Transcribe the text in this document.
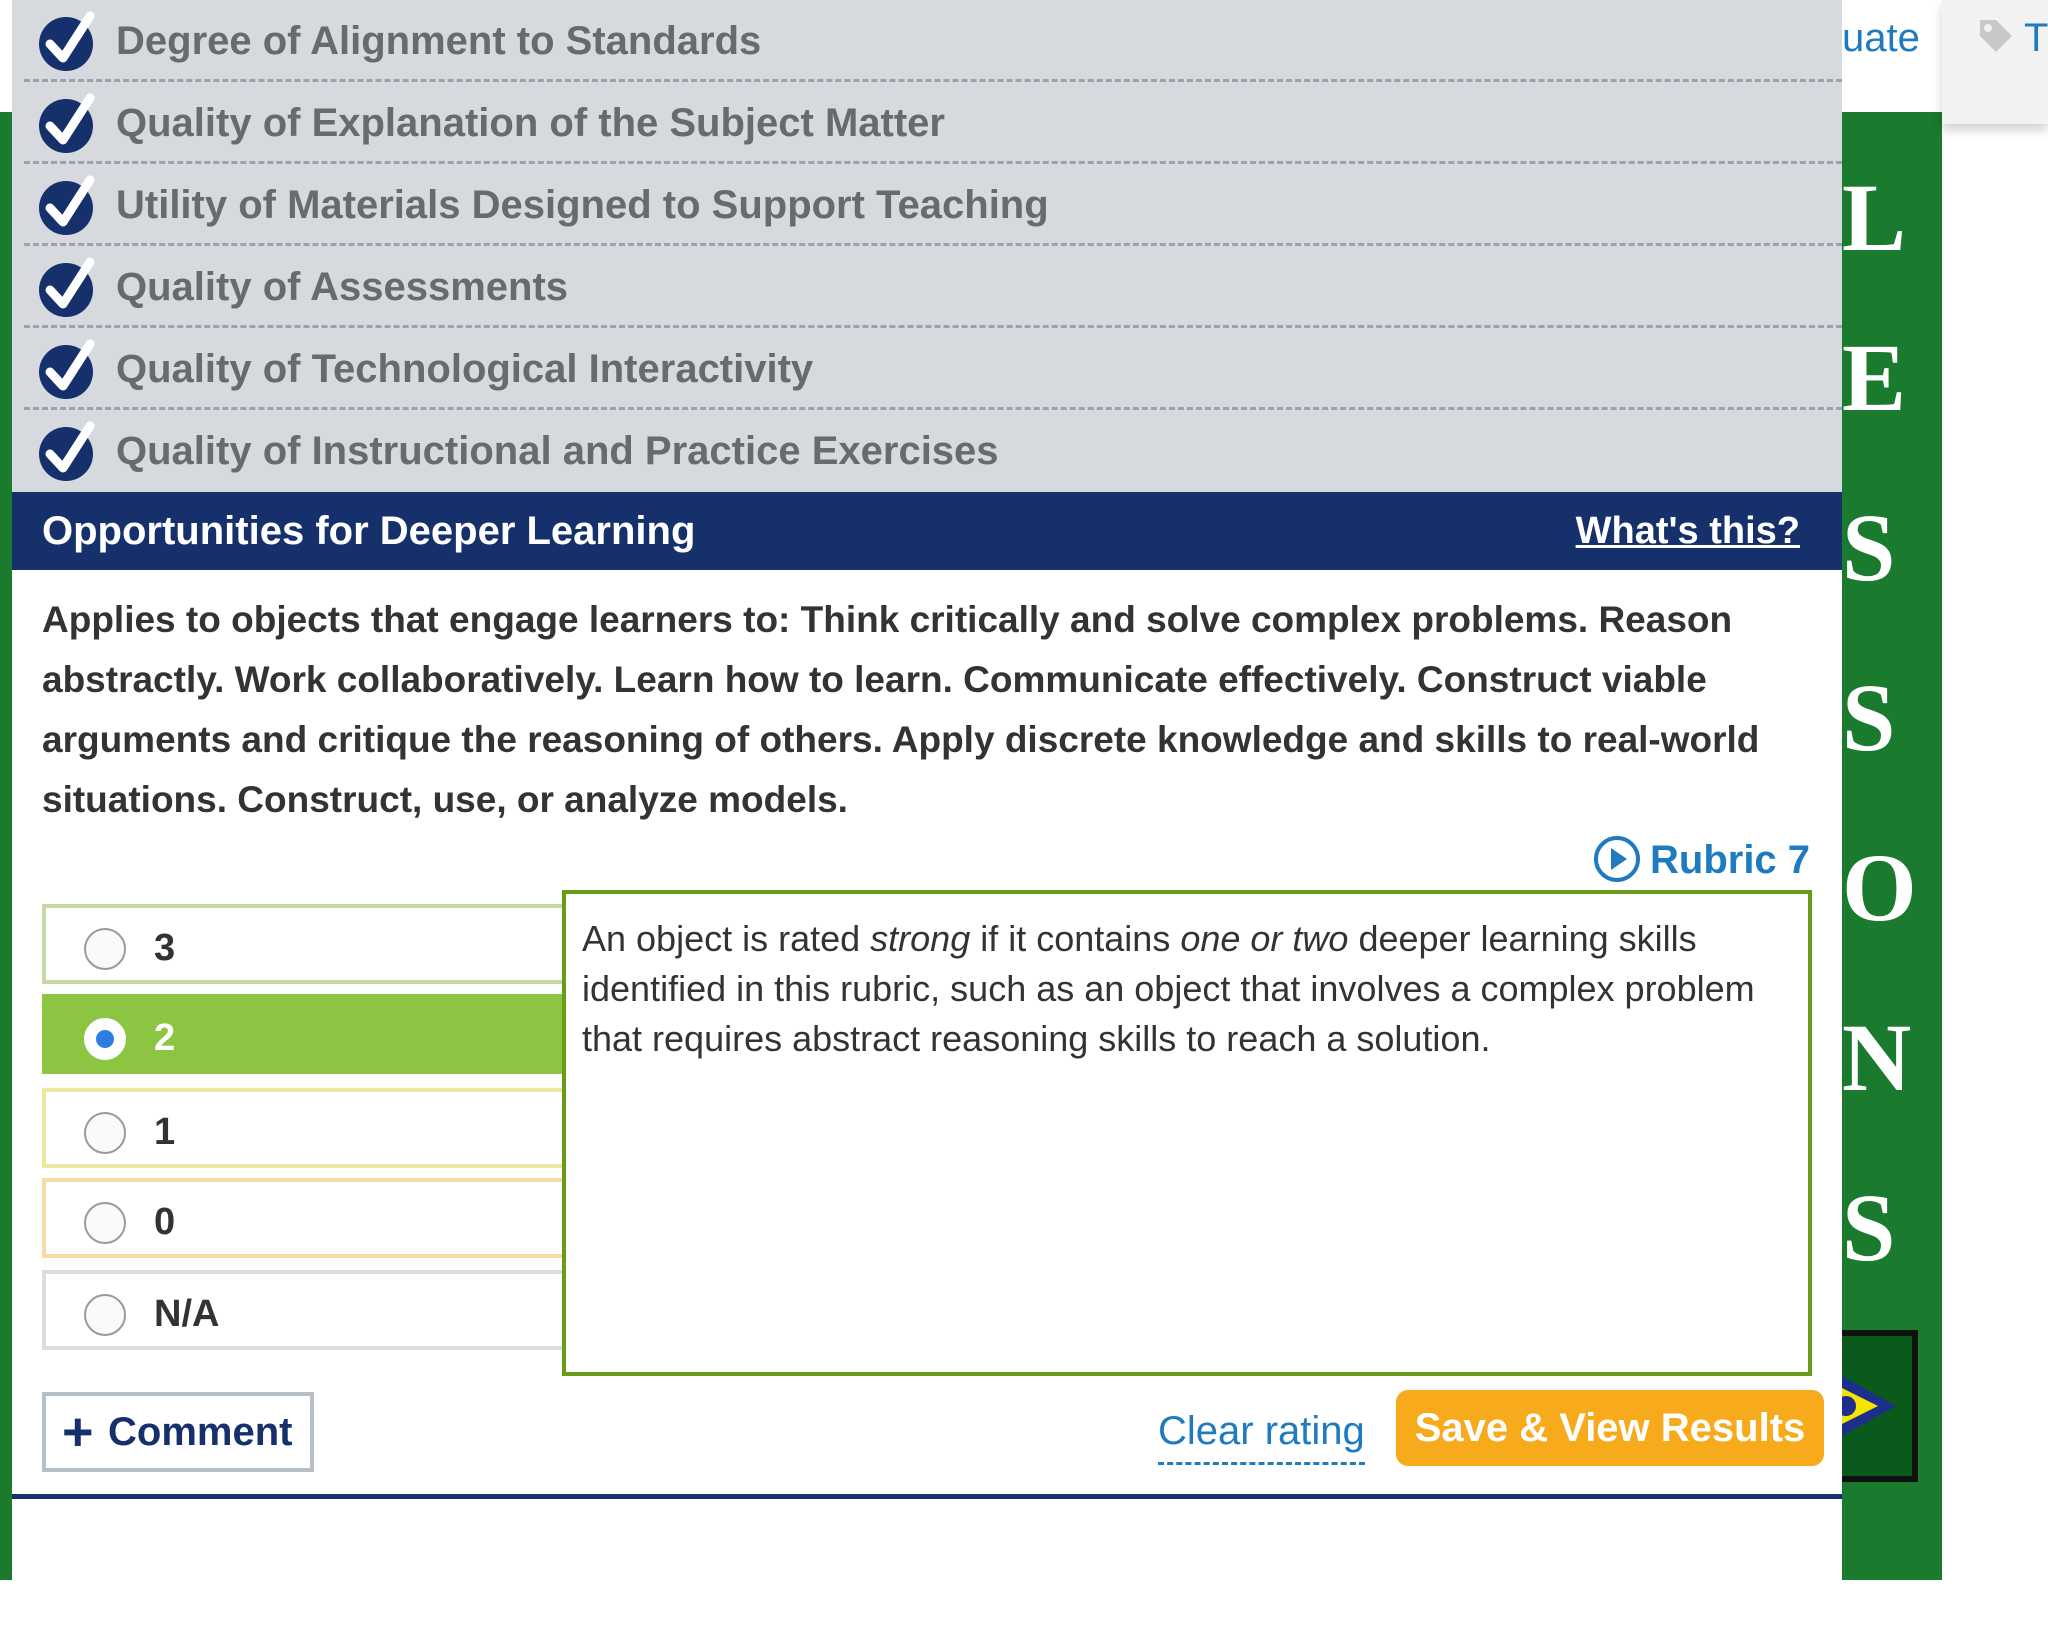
uate	T
L
E
S
S
O
N
S
Degree of Alignment to Standards
Quality of Explanation of the Subject Matter
Utility of Materials Designed to Support Teaching
Quality of Assessments
Quality of Technological Interactivity
Quality of Instructional and Practice Exercises
Opportunities for Deeper Learning	What's this?

Applies to objects that engage learners to: Think critically and solve complex problems. Reason abstractly. Work collaboratively. Learn how to learn. Communicate effectively. Construct viable arguments and critique the reasoning of others. Apply discrete knowledge and skills to real-world situations. Construct, use, or analyze models.

Rubric 7
3
2
1
0
N/A
An object is rated strong if it contains one or two deeper learning skills identified in this rubric, such as an object that involves a complex problem that requires abstract reasoning skills to reach a solution.
+ Comment	Clear rating	Save & View Results
